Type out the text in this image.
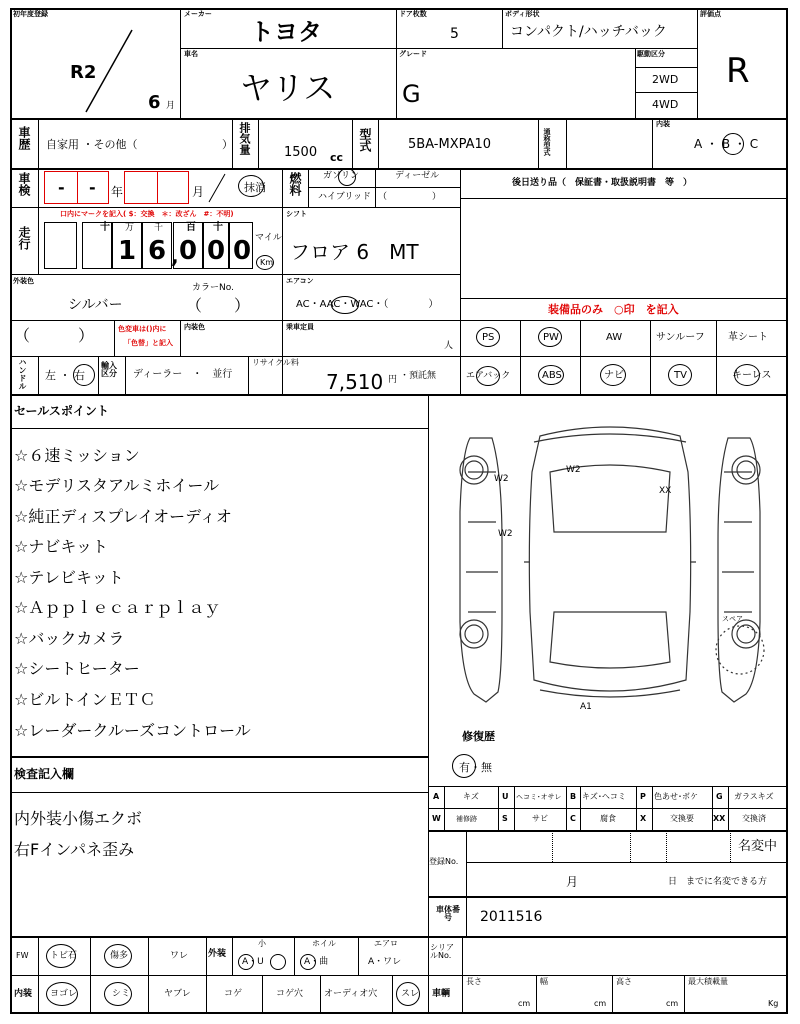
初年度登録
R2
6 月
メーカー
トヨタ
ドア枚数
5
ボディ形状
コンパクト/ハッチバック
評価点
R
車名
ヤリス
グレード
G
駆動区分
2WD
4WD
車歴 自家用 ・その他（	） 排気量	1500 cc
型式	5BA-MXPA10	通称型式
内装
A ・ B ・ C
車検 - - 年	月	抹消 燃料 ガソリン	ディーゼル
ハイブリッド （　　　　　）
後日送り品（　保証書・取扱説明書　等　）
走行
口内にマークを記入( $：交換　＊：改ざん　#：不明)
十 万 千 百 十
1 6 , 0 0 0 マイル
Km
シフト
フロア 6　MT
外装色
シルバー
カラーNo.
（　　）
エアコン
AC・AAC・WAC・（　　　　）	装備品のみ　○印　を記入
（　　　）	色変車は()内に
「色替」と記入
内装色	乗車定員
人
PS	PW	AW	サンルーフ 革シート
ハンドル 左 ・ 右
輸入区分	ディーラー　・　並行
リサイクル料
7,510 円 ・預託無	エアバック	ABS	ナビ	TV	キーレス
セールスポイント
☆６速ミッション
☆モデリスタアルミホイール
☆純正ディスプレイオーディオ
☆ナビキット
☆テレビキット
☆Ａｐｐｌｅｃａｒｐｌａｙ
☆バックカメラ
☆シートヒーター
☆ビルトインＥＴＣ
☆レーダークルーズコントロール
検査記入欄
内外装小傷エクボ
右Fインパネ歪み
W2
W2
W2
XX
A1
スペア
修復歴
有・無
A	キズ	U ヘコミ･オサレ B キズ･ヘコミ P 色あせ･ボケ G ガラスキズ
W 補修跡	S	サビ	C	腐食	X	交換要 XX 交換済
登録No.
名変中
月	日　までに名変できる方
車体番号	2011516
FW トビ石	傷多	ワレ 外装
小	ホイル	エアロ
A・U	A・曲	A・ワレ
シリアルNo.
内装 ヨゴレ	シミ	ヤブレ	コゲ	コゲ穴 オーディオ穴	スレ 車輌
長さ
cm
幅
cm
高さ
cm
最大積載量
Kg
